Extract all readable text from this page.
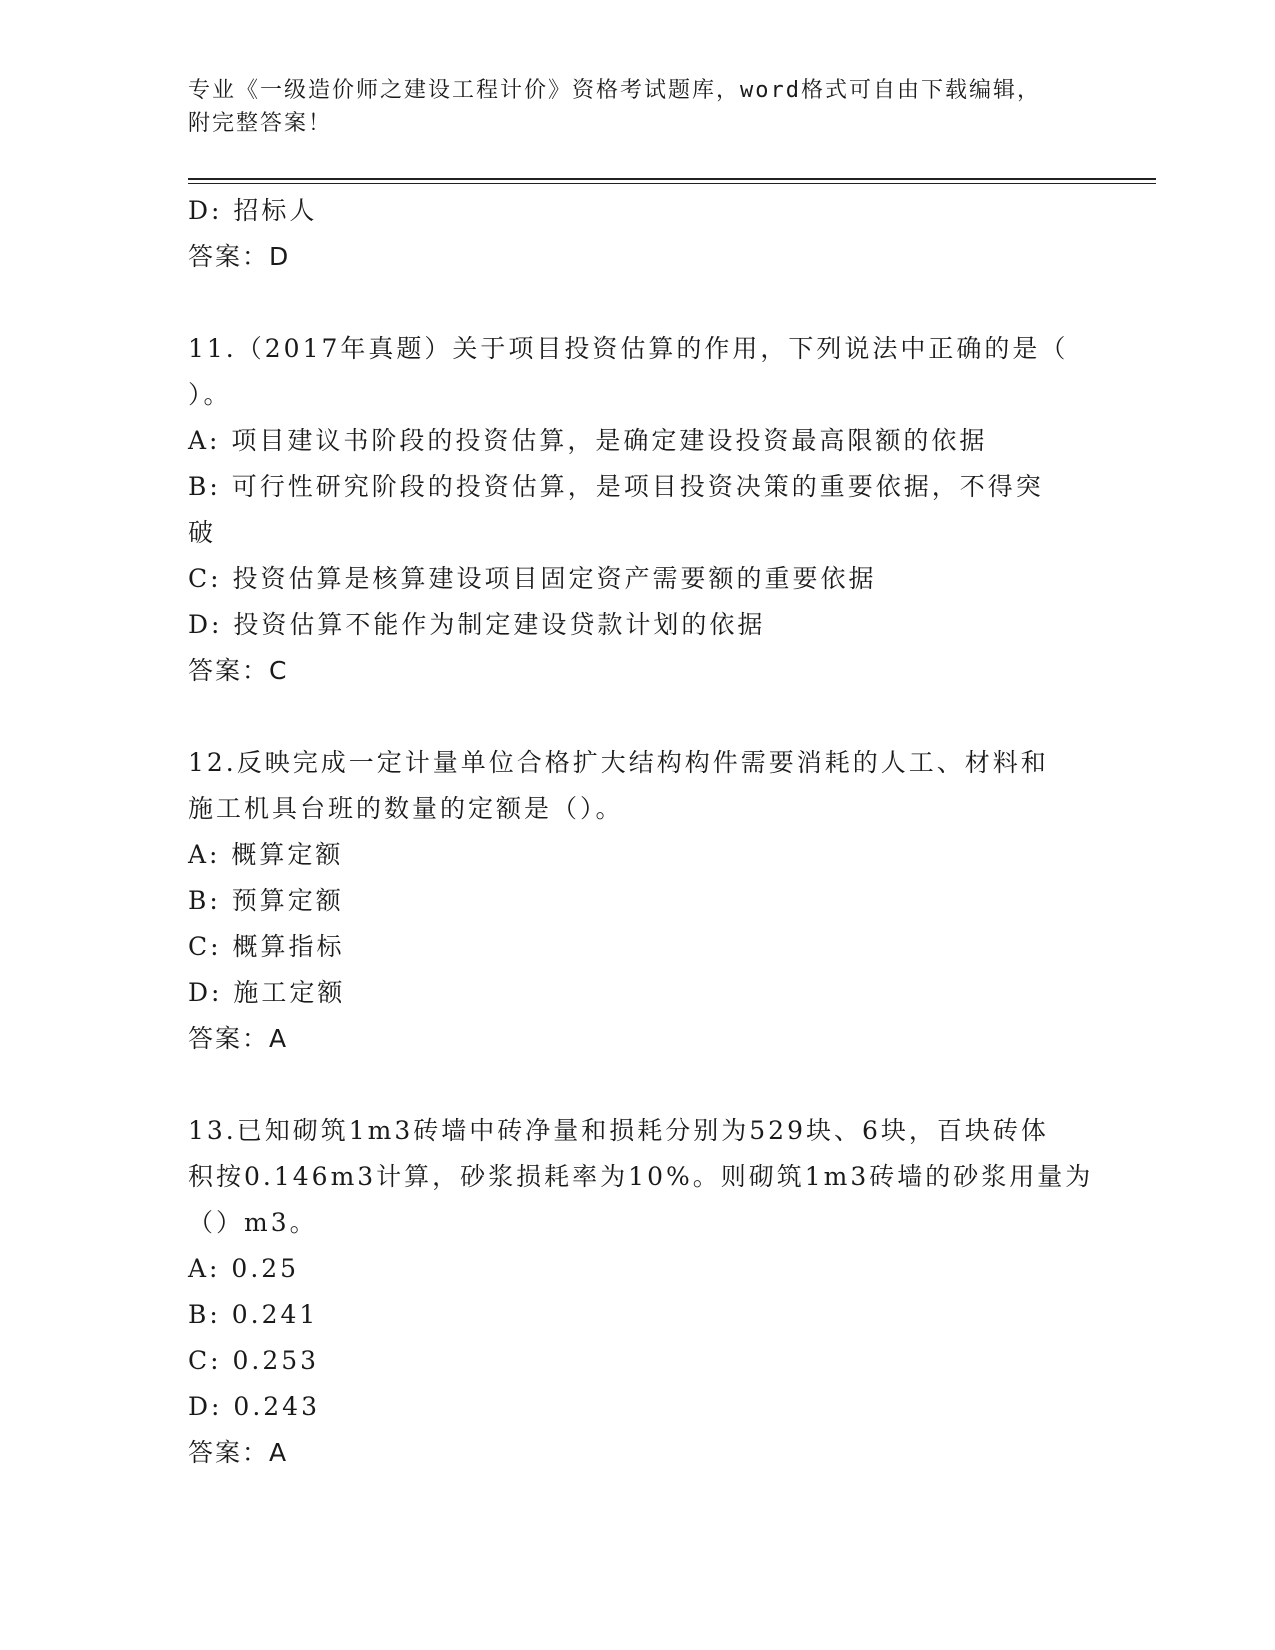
专业《一级造价师之建设工程计价》资格考试题库，word格式可自由下载编辑，
附完整答案！
D: 招标人
答案：D
11.（2017年真题）关于项目投资估算的作用，下列说法中正确的是（
）。
A: 项目建议书阶段的投资估算，是确定建设投资最高限额的依据
B: 可行性研究阶段的投资估算，是项目投资决策的重要依据，不得突
破
C: 投资估算是核算建设项目固定资产需要额的重要依据
D: 投资估算不能作为制定建设贷款计划的依据
答案：C
12.反映完成一定计量单位合格扩大结构构件需要消耗的人工、材料和
施工机具台班的数量的定额是（）。
A: 概算定额
B: 预算定额
C: 概算指标
D: 施工定额
答案：A
13.已知砌筑1m3砖墙中砖净量和损耗分别为529块、6块，百块砖体
积按0.146m3计算，砂浆损耗率为10%。则砌筑1m3砖墙的砂浆用量为
（）m3。
A: 0.25
B: 0.241
C: 0.253
D: 0.243
答案：A
